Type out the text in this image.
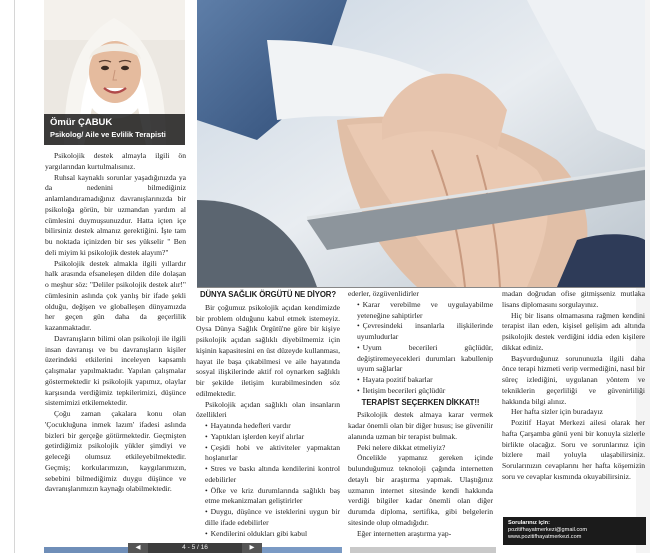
Ömür ÇABUK
Psikolog/ Aile ve Evlilik Terapisti

Psikolojik destek almayla ilgili ön yargılarından kurtulmalısınız.

Ruhsal kaynaklı sorunlar yaşadığınızda ya da nedenini bilmediğiniz anlamlandıramadığınız davranışlarınızda bir psikoloğa görün, bir uzmandan yardım al cümlesini duymuşsunuzdur. Hatta içten içe bilirsiniz destek almanız gerektiğini. İşte tam bu noktada içinizden bir ses yükselir " Ben deli miyim ki psikolojik destek alayım?"

Psikolojik destek almakla ilgili yıllardır halk arasında efsaneleşen dilden dile dolaşan o meşhur söz: "Deliler psikolojik destek alır!" cümlesinin aslında çok yanlış bir ifade şekli olduğu, değişen ve globalleşen dünyamızda her geçen gün daha da geçerlilik kazanmaktadır.

Davranışların bilimi olan psikoloji ile ilgili insan davranışı ve bu davranışların kişiler üzerindeki etkilerini inceleyen kapsamlı çalışmalar yapılmaktadır. Yapılan çalışmalar göstermektedir ki psikolojik yapımız, olaylar karşısında verdiğimiz tepkilerimizi, düşünce sistemimizi etkilemektedir.

Çoğu zaman çakalara konu olan 'Çocukluğuna inmek lazım' ifadesi aslında bizleri bir gerçeğe götürmektedir. Geçmişten getirdiğimiz psikolojik yükler şimdiyi ve geleceği olumsuz etkileyebilmektedir. Geçmiş; korkularımızın, kaygılarımızın, sebebini bilmediğimiz duygu düşünce ve davranışlarımızın kaynağı olabilmektedir.

DÜNYA SAĞLIK ÖRGÜTÜ NE DİYOR?

Bir çoğumuz psikolojik açıdan kendimizde bir problem olduğunu kabul etmek istemeyiz. Oysa Dünya Sağlık Örgütü'ne göre bir kişiye psikolojik açıdan sağlıklı diyebilmemiz için kişinin kapasitesini en üst düzeyde kullanması, hayat ile başa çıkabilmesi ve aile hayatında sosyal ilişkilerinde aktif rol oynarken sağlıklı bir şekilde iletişim kurabilmesinden söz edilmektedir.

Psikolojik açıdan sağlıklı olan insanların özellikleri

• Hayatında hedefleri vardır

• Yaptıkları işlerden keyif alırlar

• Çeşidi hobi ve aktiviteler yapmaktan hoşlanırlar

• Stres ve baskı altında kendilerini kontrol edebilirler

• Öfke ve kriz durumlarında sağlıklı baş etme mekanizmaları geliştirirler

• Duygu, düşünce ve isteklerini uygun bir dille ifade edebilirler

• Kendilerini oldukları gibi kabul

ederler, özgüvenlidirler

• Karar verebilme ve uygulayabilme yeteneğine sahiptirler

• Çevresindeki insanlarla ilişkilerinde uyumludurlar

• Uyum becerileri güçlüdür, değiştiremeyecekleri durumları kabullenip uyum sağlarlar

• Hayata pozitif bakarlar

• İletişim becerileri güçlüdür

TERAPİST SEÇERKEN DİKKAT!!

Psikolojik destek almaya karar vermek kadar önemli olan bir diğer husus; ise güvenilir alanında uzman bir terapist bulmak.

Peki nelere dikkat etmeliyiz?

Öncelikle yapmanız gereken içinde bulunduğumuz teknoloji çağında internetten detaylı bir araştırma yapmak. Ulaştığınız uzmanın internet sitesinde kendi hakkında verdiği bilgiler kadar önemli olan diğer durumda diploma, sertifika, gibi belgelerin sitesinde olup olmadığıdır.

Eğer internetten araştırma yap-

madan doğrudan ofise gitmişseniz mutlaka lisans diplomasını sorgulayınız.

Hiç bir lisans olmamasına rağmen kendini terapist ilan eden, kişisel gelişim adı altında psikolojik destek verdiğini iddia eden kişilere dikkat ediniz.

Başvurduğunuz sorununuzla ilgili daha önce terapi hizmeti verip vermediğini, nasıl bir süreç izlediğini, uygulanan yöntem ve tekniklerin geçerliliği ve güvenirliliği hakkında bilgi alınız.

Her hafta sizler için buradayız

Pozitif Hayat Merkezi ailesi olarak her hafta Çarşamba günü yeni bir konuyla sizlerle birlikte olacağız. Soru ve sorunlarınız için bizlere mail yoluyla ulaşabilirsiniz. Sorularınızın cevaplarını her hafta köşemizin soru ve cevaplar kısmında okuyabilirsiniz.

Sorularınız için:
pozitifhayatmerkezi@gmail.com
www.pozitifhayatmerkezi.com
◀	4 - 5 / 16	▶
